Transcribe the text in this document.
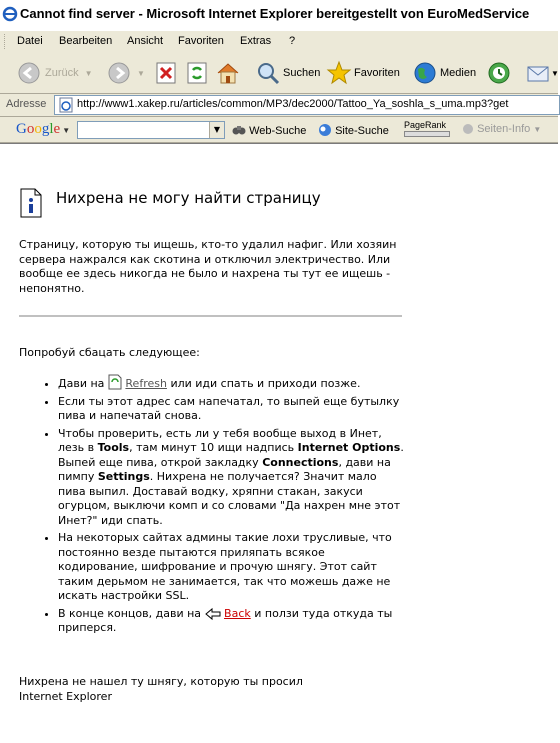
Cannot find server - Microsoft Internet Explorer bereitgestellt von EuroMedService
Datei Bearbeiten Ansicht Favoriten Extras ?
Zurück ▼	▼	Suchen	Favoriten	Medien	▼
Adresse	http://www1.xakep.ru/articles/common/MP3/dec2000/Tattoo_Ya_soshla_s_uma.mp3?get
Google ▼	▼	Web-Suche	Site-Suche PageRank	Seiten-Info ▼
Нихрена не могу найти страницу
Страницу, которую ты ищешь, кто-то удалил нафиг. Или хозяин сервера нажрался как скотина и отключил электричество. Или вообще ее здесь никогда не было и нахрена ты тут ее ищешь - непонятно.
Попробуй сбацать следующее:
• Дави на Refresh или иди спать и приходи позже.
• Если ты этот адрес сам напечатал, то выпей еще бутылку пива и напечатай снова.
• Чтобы проверить, есть ли у тебя вообще выход в Инет, лезь в Tools, там минут 10 ищи надпись Internet Options. Выпей еще пива, открой закладку Connections, дави на пимпу Settings. Нихрена не получается? Значит мало пива выпил. Доставай водку, хряпни стакан, закуси огурцом, выключи комп и со словами "Да нахрен мне этот Инет?" иди спать.
• На некоторых сайтах админы такие лохи трусливые, что постоянно везде пытаются приляпать всякое кодирование, шифрование и прочую шнягу. Этот сайт таким дерьмом не занимается, так что можешь даже не искать настройки SSL.
• В конце концов, дави на Back и ползи туда откуда ты приперся.
Нихрена не нашел ту шнягу, которую ты просил
Internet Explorer
